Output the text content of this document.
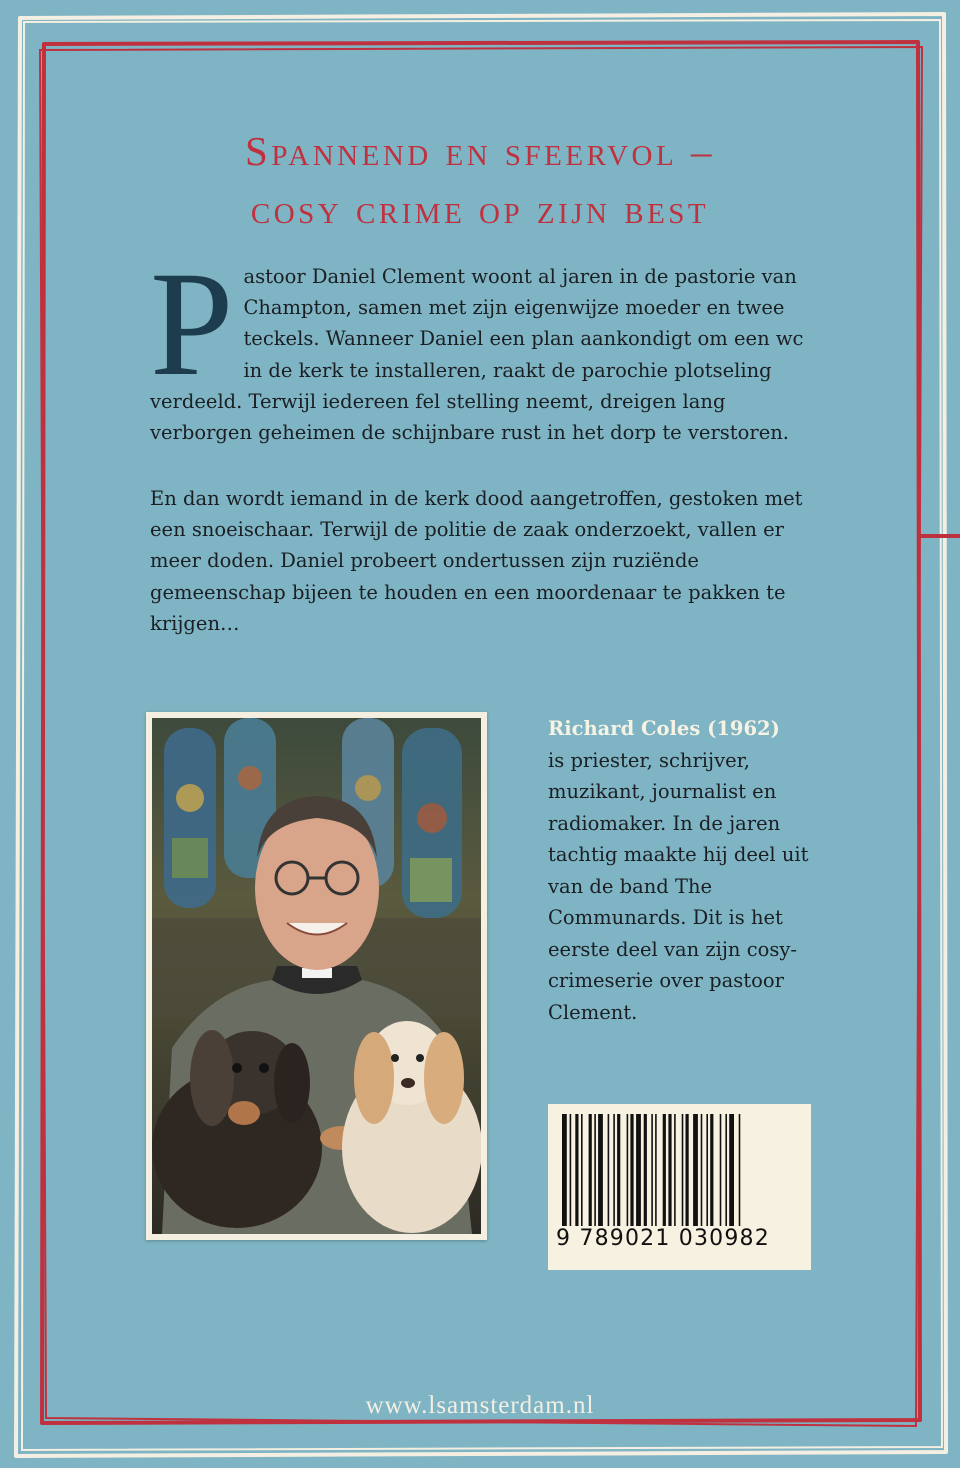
Spannend en sfeervol –
cosy crime op zijn best
P astoor Daniel Clement woont al jaren in de pastorie van Champton, samen met zijn eigenwijze moeder en twee teckels. Wanneer Daniel een plan aankondigt om een wc in de kerk te installeren, raakt de parochie plotseling verdeeld. Terwijl iedereen fel stelling neemt, dreigen lang verborgen geheimen de schijnbare rust in het dorp te verstoren.
En dan wordt iemand in de kerk dood aangetroffen, gestoken met een snoeischaar. Terwijl de politie de zaak onderzoekt, vallen er meer doden. Daniel probeert ondertussen zijn ruziënde gemeenschap bijeen te houden en een moordenaar te pakken te krijgen…
Richard Coles (1962)
is priester, schrijver, muzikant, journalist en radiomaker. In de jaren tachtig maakte hij deel uit van de band The Communards. Dit is het eerste deel van zijn cosycrimeserie over pastoor Clement.
9 789021 030982
www.lsamsterdam.nl
